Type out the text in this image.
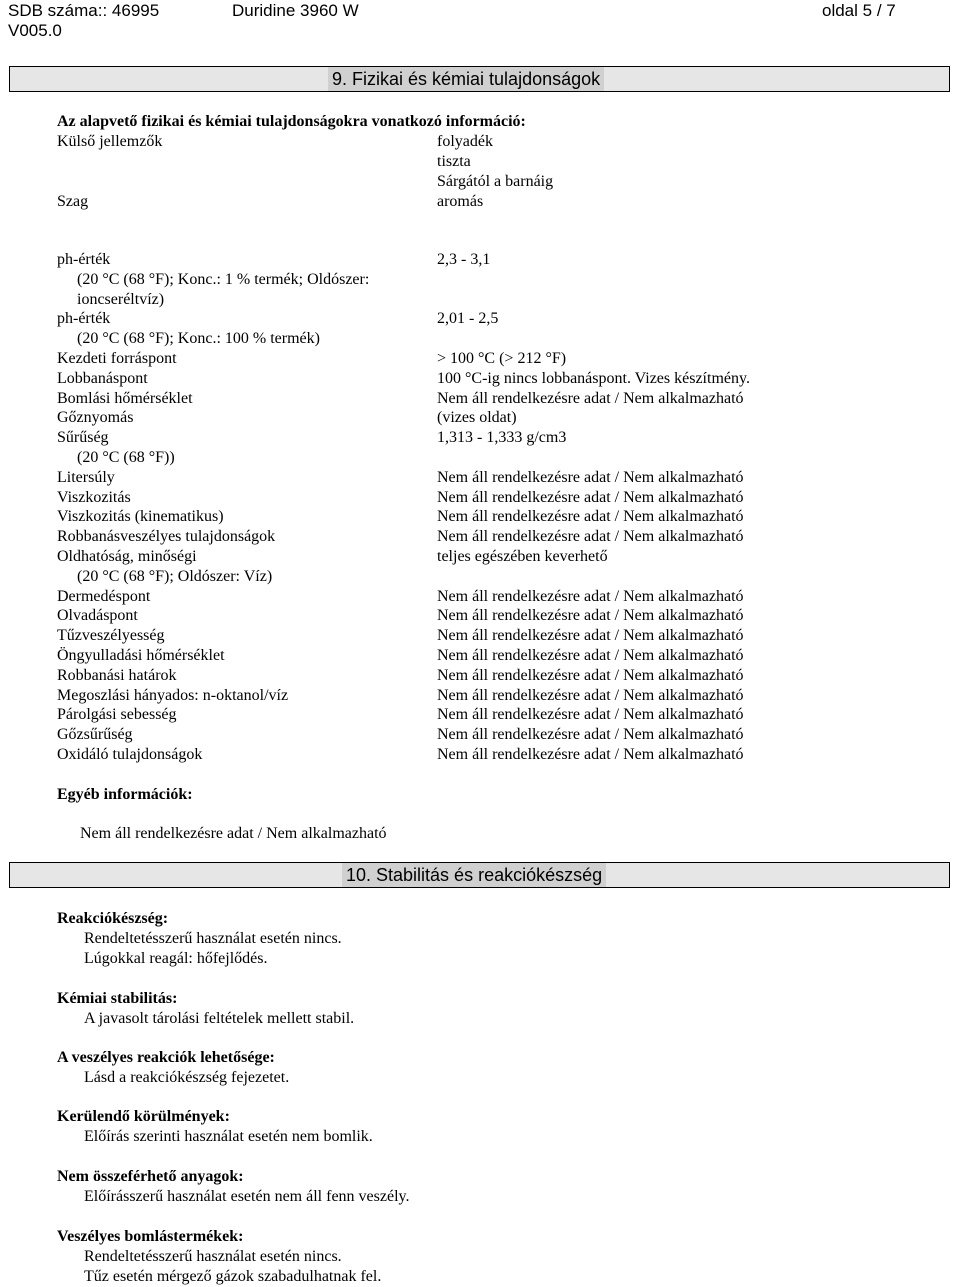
SDB száma:: 46995	Duridine 3960 W	oldal 5 / 7
V005.0
9. Fizikai és kémiai tulajdonságok
Az alapvető fizikai és kémiai tulajdonságokra vonatkozó információ:
Külső jellemzők	folyadék
tiszta
Sárgától a barnáig
Szag	aromás
ph-érték	2,3 - 3,1
(20 °C (68 °F); Konc.: 1 % termék; Oldószer:
ioncseréltvíz)
ph-érték	2,01 - 2,5
(20 °C (68 °F); Konc.: 100 % termék)
Kezdeti forráspont	> 100 °C (> 212 °F)
Lobbanáspont	100 °C-ig nincs lobbanáspont. Vizes készítmény.
Bomlási hőmérséklet	Nem áll rendelkezésre adat / Nem alkalmazható
Gőznyomás	(vizes oldat)
Sűrűség	1,313 - 1,333 g/cm3
(20 °C (68 °F))
Litersúly	Nem áll rendelkezésre adat / Nem alkalmazható
Viszkozitás	Nem áll rendelkezésre adat / Nem alkalmazható
Viszkozitás (kinematikus)	Nem áll rendelkezésre adat / Nem alkalmazható
Robbanásveszélyes tulajdonságok	Nem áll rendelkezésre adat / Nem alkalmazható
Oldhatóság, minőségi	teljes egészében keverhető
(20 °C (68 °F); Oldószer: Víz)
Dermedéspont	Nem áll rendelkezésre adat / Nem alkalmazható
Olvadáspont	Nem áll rendelkezésre adat / Nem alkalmazható
Tűzveszélyesség	Nem áll rendelkezésre adat / Nem alkalmazható
Öngyulladási hőmérséklet	Nem áll rendelkezésre adat / Nem alkalmazható
Robbanási határok	Nem áll rendelkezésre adat / Nem alkalmazható
Megoszlási hányados: n-oktanol/víz	Nem áll rendelkezésre adat / Nem alkalmazható
Párolgási sebesség	Nem áll rendelkezésre adat / Nem alkalmazható
Gőzsűrűség	Nem áll rendelkezésre adat / Nem alkalmazható
Oxidáló tulajdonságok	Nem áll rendelkezésre adat / Nem alkalmazható
Egyéb információk:
Nem áll rendelkezésre adat / Nem alkalmazható
10. Stabilitás és reakciókészség
Reakciókészség:
Rendeltetésszerű használat esetén nincs.
Lúgokkal reagál: hőfejlődés.
Kémiai stabilitás:
A javasolt tárolási feltételek mellett stabil.
A veszélyes reakciók lehetősége:
Lásd a reakciókészség fejezetet.
Kerülendő körülmények:
Előírás szerinti használat esetén nem bomlik.
Nem összeférhető anyagok:
Előírásszerű használat esetén nem áll fenn veszély.
Veszélyes bomlástermékek:
Rendeltetésszerű használat esetén nincs.
Tűz esetén mérgező gázok szabadulhatnak fel.
